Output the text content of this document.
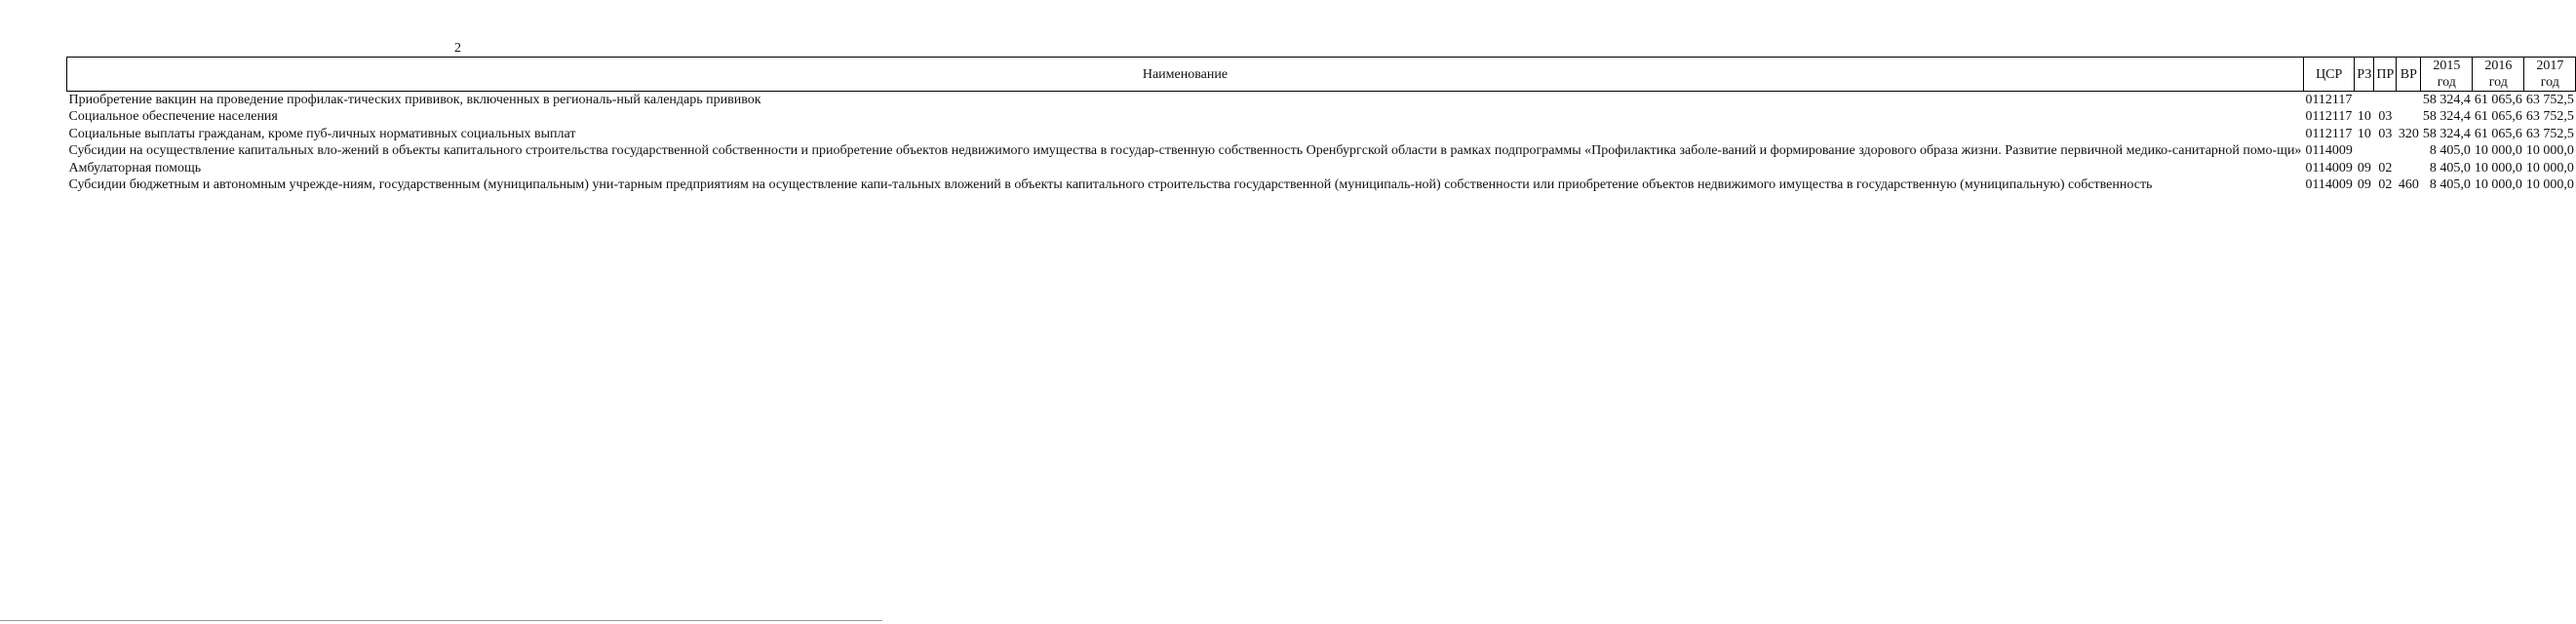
2
Наименование	ЦСР	РЗ	ПР	ВР	2015 год	2016 год	2017 год
Приобретение вакцин на проведение профилак-тических прививок, включенных в региональ-ный календарь прививок	0112117				58 324,4	61 065,6	63 752,5
Социальное обеспечение населения	0112117	10	03		58 324,4	61 065,6	63 752,5
Социальные выплаты гражданам, кроме пуб-личных нормативных социальных выплат	0112117	10	03	320	58 324,4	61 065,6	63 752,5
Субсидии на осуществление капитальных вло-жений в объекты капитального строительства государственной собственности и приобретение объектов недвижимого имущества в государ-ственную собственность Оренбургской области в рамках подпрограммы «Профилактика заболе-ваний и формирование здорового образа жизни. Развитие первичной медико-санитарной помо-щи»	0114009				8 405,0	10 000,0	10 000,0
Амбулаторная помощь	0114009	09	02		8 405,0	10 000,0	10 000,0
Субсидии бюджетным и автономным учрежде-ниям, государственным (муниципальным) уни-тарным предприятиям на осуществление капи-тальных вложений в объекты капитального строительства государственной (муниципаль-ной) собственности или приобретение объектов недвижимого имущества в государственную (муниципальную) собственность	0114009	09	02	460	8 405,0	10 000,0	10 000,0
